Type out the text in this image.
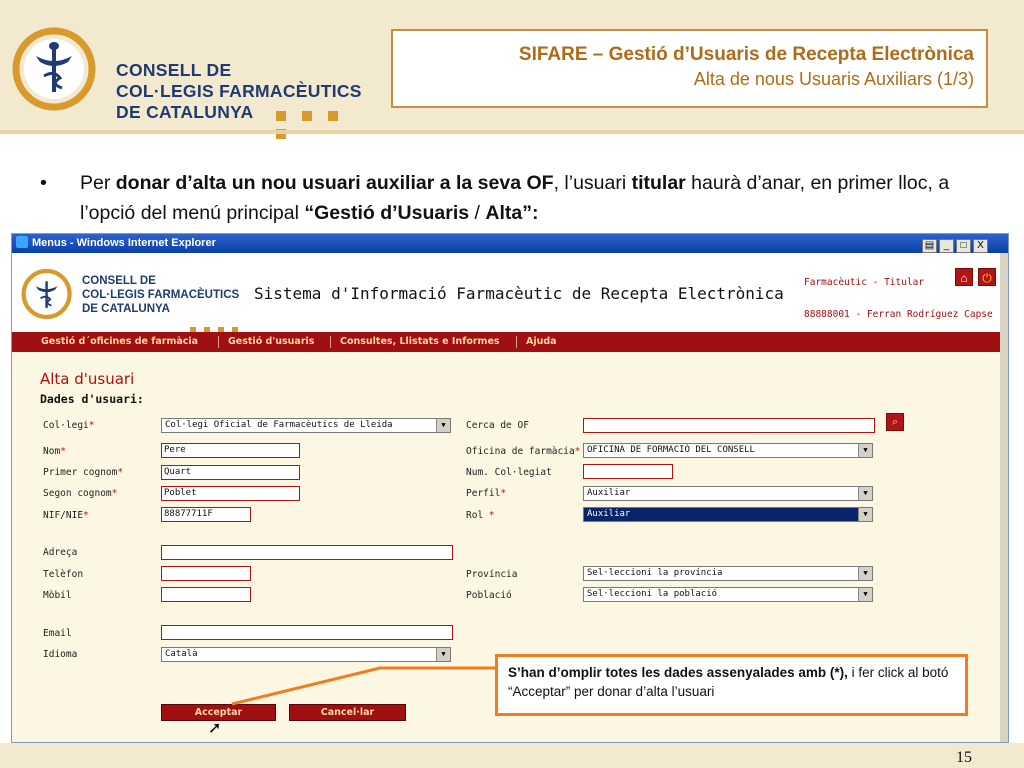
CONSELL DE
COL·LEGIS FARMACÈUTICS
DE CATALUNYA
SIFARE – Gestió d’Usuaris de Recepta Electrònica
Alta de nous Usuaris Auxiliars (1/3)
• Per donar d’alta un nou usuari auxiliar a la seva OF, l’usuari titular haurà d’anar, en primer lloc, a l’opció del menú principal “Gestió d’Usuaris / Alta”:
Menus - Windows Internet Explorer	▤ _ □ X
CONSELL DE
COL·LEGIS FARMACÈUTICS
DE CATALUNYA
Sistema d'Informació Farmacèutic de Recepta Electrònica
Farmacèutic - Titular	⌂	⏻
88888001 - Ferran Rodríguez Capse
Gestió d´oficines de farmàcia	Gestió d'usuaris	Consultes, Llistats e Informes	Ajuda
Alta d'usuari
Dades d'usuari:
Col·legi*	Col·legi Oficial de Farmacèutics de Lleida	▼
Nom*	Pere
Primer cognom*	Quart
Segon cognom*	Poblet
NIF/NIE*	88877711F
Adreça
Telèfon
Mòbil
Email
Idioma	Català	▼
Cerca de OF	⌕
Oficina de farmàcia* OFICINA DE FORMACIÓ DEL CONSELL	▼
Num. Col·legiat
Perfil*	Auxiliar	▼
Rol *	Auxiliar	▼
Província	Sel·leccioni la província	▼
Població	Sel·leccioni la població	▼
Acceptar	Cancel·lar
S’han d’omplir totes les dades assenyalades amb (*), i fer click al botó “Acceptar” per donar d’alta l’usuari
➚
15
